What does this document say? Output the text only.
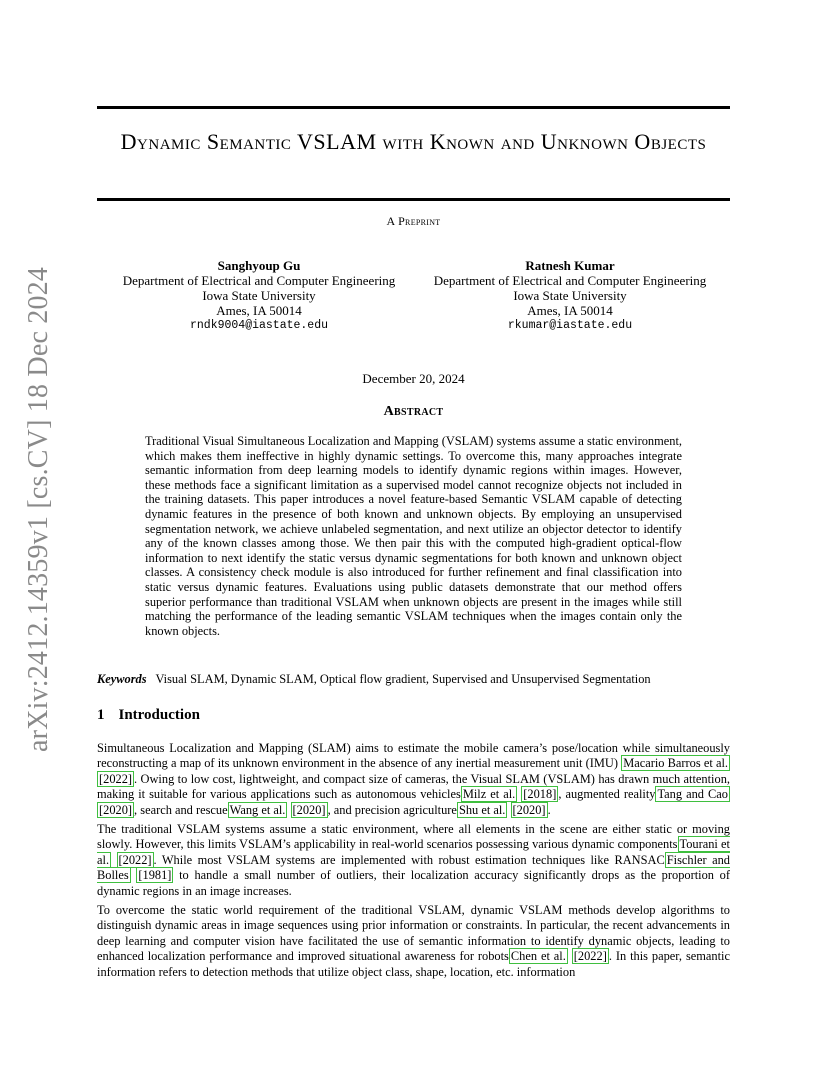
arXiv:2412.14359v1 [cs.CV] 18 Dec 2024
Dynamic Semantic VSLAM with Known and Unknown Objects
A Preprint
Sanghyoup Gu
Department of Electrical and Computer Engineering
Iowa State University
Ames, IA 50014
rndk9004@iastate.edu
Ratnesh Kumar
Department of Electrical and Computer Engineering
Iowa State University
Ames, IA 50014
rkumar@iastate.edu
December 20, 2024
Abstract
Traditional Visual Simultaneous Localization and Mapping (VSLAM) systems assume a static environment, which makes them ineffective in highly dynamic settings. To overcome this, many approaches integrate semantic information from deep learning models to identify dynamic regions within images. However, these methods face a significant limitation as a supervised model cannot recognize objects not included in the training datasets. This paper introduces a novel feature-based Semantic VSLAM capable of detecting dynamic features in the presence of both known and unknown objects. By employing an unsupervised segmentation network, we achieve unlabeled segmentation, and next utilize an objector detector to identify any of the known classes among those. We then pair this with the computed high-gradient optical-flow information to next identify the static versus dynamic segmentations for both known and unknown object classes. A consistency check module is also introduced for further refinement and final classification into static versus dynamic features. Evaluations using public datasets demonstrate that our method offers superior performance than traditional VSLAM when unknown objects are present in the images while still matching the performance of the leading semantic VSLAM techniques when the images contain only the known objects.
Keywords Visual SLAM, Dynamic SLAM, Optical flow gradient, Supervised and Unsupervised Segmentation
1 Introduction
Simultaneous Localization and Mapping (SLAM) aims to estimate the mobile camera’s pose/location while simultaneously reconstructing a map of its unknown environment in the absence of any inertial measurement unit (IMU) Macario Barros et al. [2022] . Owing to low cost, lightweight, and compact size of cameras, the Visual SLAM (VSLAM) has drawn much attention, making it suitable for various applications such as autonomous vehicles Milz et al. [2018] , augmented reality Tang and Cao [2020] , search and rescue Wang et al. [2020] , and precision agriculture Shu et al. [2020] .
The traditional VSLAM systems assume a static environment, where all elements in the scene are either static or moving slowly. However, this limits VSLAM’s applicability in real-world scenarios possessing various dynamic components Tourani et al. [2022] . While most VSLAM systems are implemented with robust estimation techniques like RANSAC Fischler and Bolles [1981] to handle a small number of outliers, their localization accuracy significantly drops as the proportion of dynamic regions in an image increases.
To overcome the static world requirement of the traditional VSLAM, dynamic VSLAM methods develop algorithms to distinguish dynamic areas in image sequences using prior information or constraints. In particular, the recent advancements in deep learning and computer vision have facilitated the use of semantic information to identify dynamic objects, leading to enhanced localization performance and improved situational awareness for robots Chen et al. [2022] . In this paper, semantic information refers to detection methods that utilize object class, shape, location, etc. information
